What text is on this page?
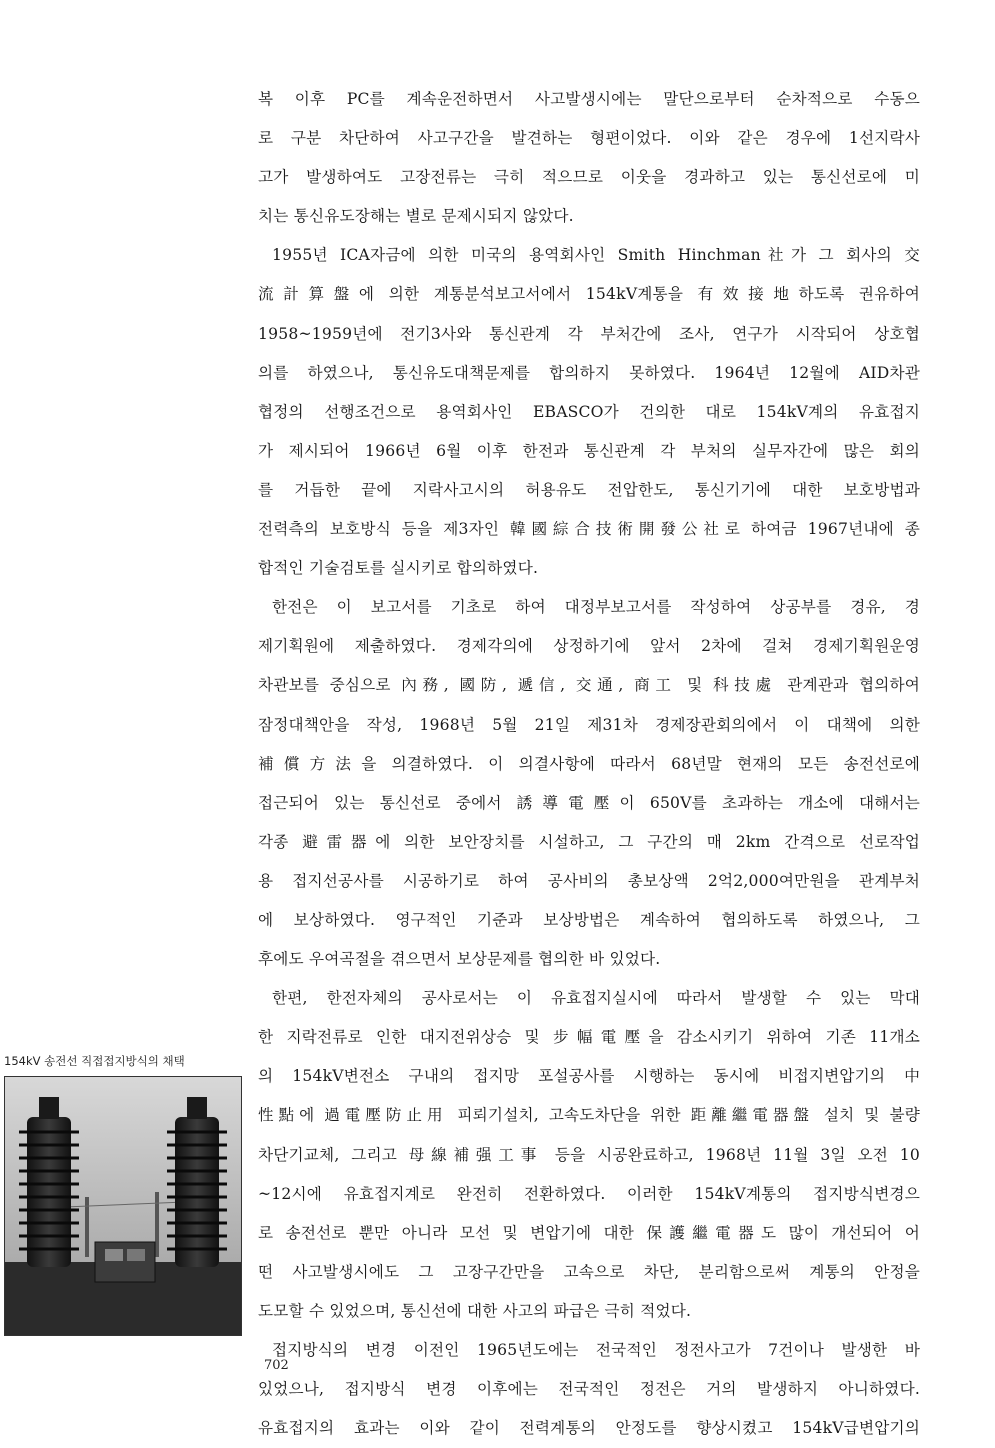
복 이후 PC를 계속운전하면서 사고발생시에는 말단으로부터 순차적으로 수동으
로 구분 차단하여 사고구간을 발견하는 형편이었다. 이와 같은 경우에 1선지락사
고가 발생하여도 고장전류는 극히 적으므로 이웃을 경과하고 있는 통신선로에 미
치는 통신유도장해는 별로 문제시되지 않았다.
1955년 ICA자금에 의한 미국의 용역회사인 Smith Hinchman社가 그 회사의 交
流計算盤에 의한 계통분석보고서에서 154kV계통을 有效接地하도록 권유하여
1958~1959년에 전기3사와 통신관계 각 부처간에 조사, 연구가 시작되어 상호협
의를 하였으나, 통신유도대책문제를 합의하지 못하였다. 1964년 12월에 AID차관
협정의 선행조건으로 용역회사인 EBASCO가 건의한 대로 154kV계의 유효접지
가 제시되어 1966년 6월 이후 한전과 통신관계 각 부처의 실무자간에 많은 회의
를 거듭한 끝에 지락사고시의 허용유도 전압한도, 통신기기에 대한 보호방법과
전력측의 보호방식 등을 제3자인 韓國綜合技術開發公社로 하여금 1967년내에 종
합적인 기술검토를 실시키로 합의하였다.
한전은 이 보고서를 기초로 하여 대정부보고서를 작성하여 상공부를 경유, 경
제기획원에 제출하였다. 경제각의에 상정하기에 앞서 2차에 걸쳐 경제기획원운영
차관보를 중심으로 內務, 國防, 遞信, 交通, 商工 및 科技處 관계관과 협의하여
잠정대책안을 작성, 1968년 5월 21일 제31차 경제장관회의에서 이 대책에 의한
補償方法을 의결하였다. 이 의결사항에 따라서 68년말 현재의 모든 송전선로에
접근되어 있는 통신선로 중에서 誘導電壓이 650V를 초과하는 개소에 대해서는
각종 避雷器에 의한 보안장치를 시설하고, 그 구간의 매 2km 간격으로 선로작업
용 접지선공사를 시공하기로 하여 공사비의 총보상액 2억2,000여만원을 관계부처
에 보상하였다. 영구적인 기준과 보상방법은 계속하여 협의하도록 하였으나, 그
후에도 우여곡절을 겪으면서 보상문제를 협의한 바 있었다.
한편, 한전자체의 공사로서는 이 유효접지실시에 따라서 발생할 수 있는 막대
한 지락전류로 인한 대지전위상승 및 步幅電壓을 감소시키기 위하여 기존 11개소
의 154kV변전소 구내의 접지망 포설공사를 시행하는 동시에 비접지변압기의 中
性點에 過電壓防止用 피뢰기설치, 고속도차단을 위한 距離繼電器盤 설치 및 불량
차단기교체, 그리고 母線補强工事 등을 시공완료하고, 1968년 11월 3일 오전 10
~12시에 유효접지계로 완전히 전환하였다. 이러한 154kV계통의 접지방식변경으
로 송전선로 뿐만 아니라 모선 및 변압기에 대한 保護繼電器도 많이 개선되어 어
떤 사고발생시에도 그 고장구간만을 고속으로 차단, 분리함으로써 계통의 안정을
도모할 수 있었으며, 통신선에 대한 사고의 파급은 극히 적었다.
접지방식의 변경 이전인 1965년도에는 전국적인 정전사고가 7건이나 발생한 바
있었으나, 접지방식 변경 이후에는 전국적인 정전은 거의 발생하지 아니하였다.
유효접지의 효과는 이와 같이 전력계통의 안정도를 향상시켰고 154kV급변압기의
154kV 송전선 직접접지방식의 채택
702
